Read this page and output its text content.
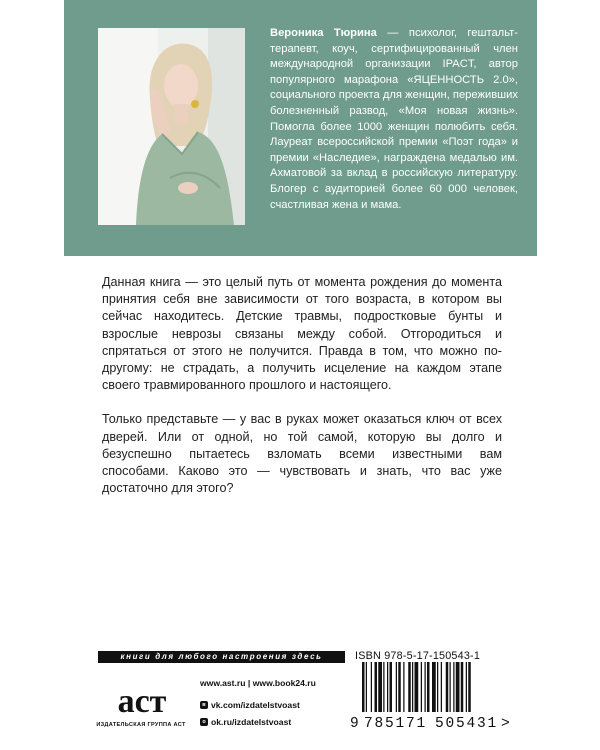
Вероника Тюрина — психолог, гештальт-терапевт, коуч, сертифицированный член международной организации IPACT, автор популярного марафона «ЯЦЕННОСТЬ 2.0», социального проекта для женщин, переживших болезненный развод, «Моя новая жизнь». Помогла более 1000 женщин полюбить себя. Лауреат всероссийской премии «Поэт года» и премии «Наследие», награждена медалью им. Ахматовой за вклад в российскую литературу. Блогер с аудиторией более 60 000 человек, счастливая жена и мама.

Данная книга — это целый путь от момента рождения до момента принятия себя вне зависимости от того возраста, в котором вы сейчас находитесь. Детские травмы, подростковые бунты и взрослые неврозы связаны между собой. Отгородиться и спрятаться от этого не получится. Правда в том, что можно по-другому: не страдать, а получить исцеление на каждом этапе своего травмированного прошлого и настоящего.

Только представьте — у вас в руках может оказаться ключ от всех дверей. Или от одной, но той самой, которую вы долго и безуспешно пытаетесь взломать всеми известными вам способами. Каково это — чувствовать и знать, что вас уже достаточно для этого?

книги для любого настроения здесь
аст
ИЗДАТЕЛЬСКАЯ ГРУППА АСТ
www.ast.ru | www.book24.ru
в vk.com/izdatelstvoast
о ok.ru/izdatelstvoast
ISBN 978-5-17-150543-1
9 785171 505431 >
